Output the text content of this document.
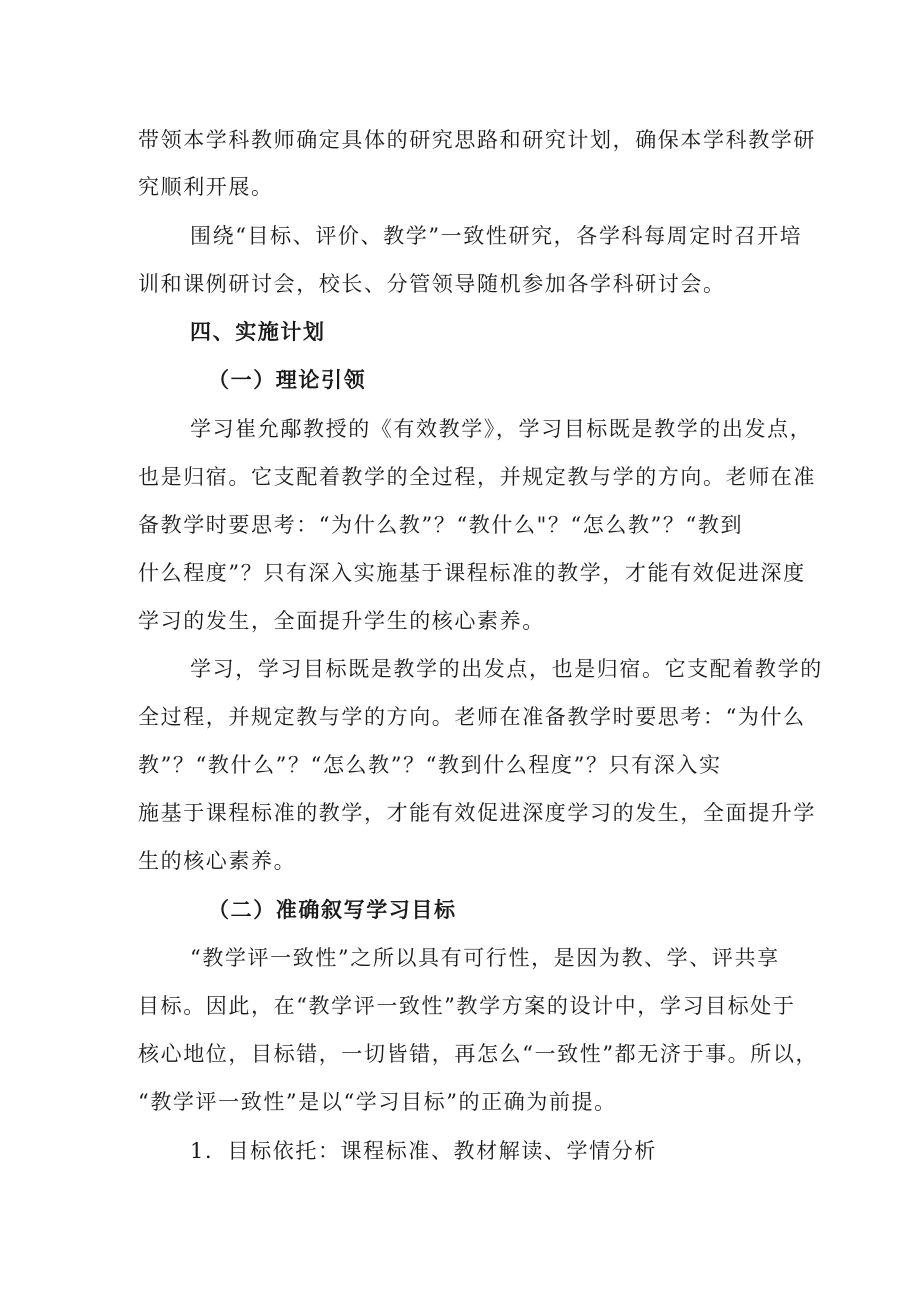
带领本学科教师确定具体的研究思路和研究计划，确保本学科教学研
究顺利开展。
围绕“目标、评价、教学”一致性研究，各学科每周定时召开培
训和课例研讨会，校长、分管领导随机参加各学科研讨会。
四、实施计划
（一）理论引领
学习崔允鄅教授的《有效教学》，学习目标既是教学的出发点，
也是归宿。它支配着教学的全过程，并规定教与学的方向。老师在准
备教学时要思考：“为什么教”？“教什么"？“怎么教”？“教到
什么程度”？只有深入实施基于课程标准的教学，才能有效促进深度
学习的发生，全面提升学生的核心素养。
学习，学习目标既是教学的出发点，也是归宿。它支配着教学的
全过程，并规定教与学的方向。老师在准备教学时要思考：“为什么
教”？“教什么”？“怎么教”？“教到什么程度”？只有深入实
施基于课程标准的教学，才能有效促进深度学习的发生，全面提升学
生的核心素养。
（二）准确叙写学习目标
“教学评一致性”之所以具有可行性，是因为教、学、评共享
目标。因此，在“教学评一致性”教学方案的设计中，学习目标处于
核心地位，目标错，一切皆错，再怎么“一致性”都无济于事。所以，
“教学评一致性”是以“学习目标”的正确为前提。
1．目标依托：课程标准、教材解读、学情分析
